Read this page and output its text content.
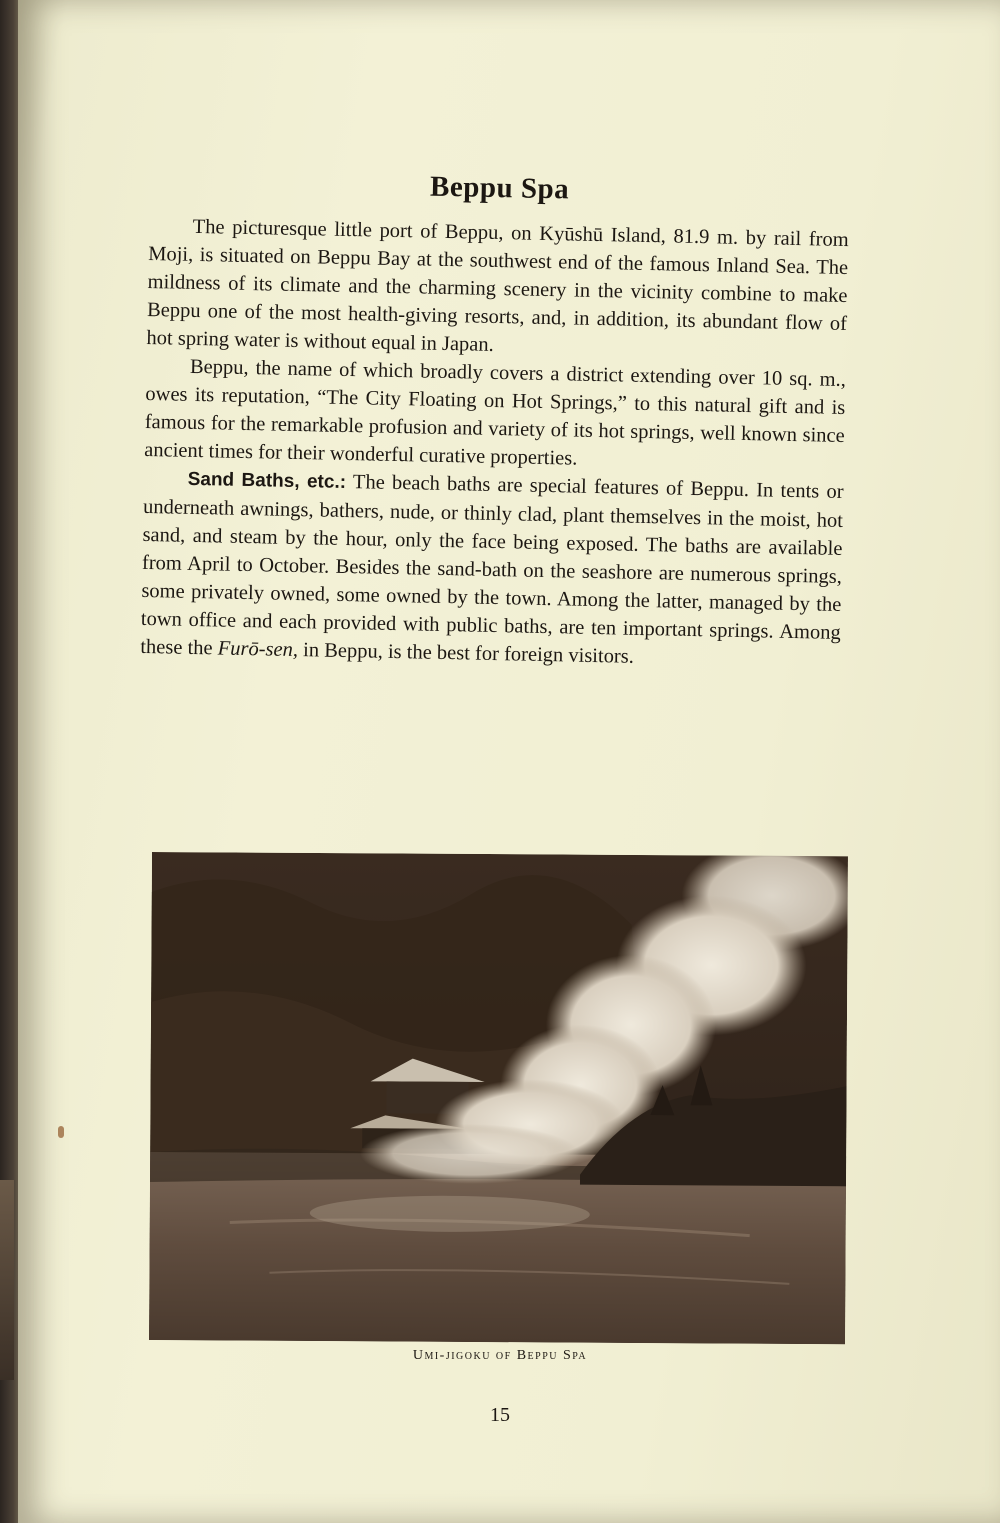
Beppu Spa

The picturesque little port of Beppu, on Kyūshū Island, 81.9 m. by rail from Moji, is situated on Beppu Bay at the southwest end of the famous Inland Sea. The mildness of its climate and the charming scenery in the vicinity combine to make Beppu one of the most health-giving resorts, and, in addition, its abundant flow of hot spring water is without equal in Japan.

Beppu, the name of which broadly covers a district extending over 10 sq. m., owes its reputation, “The City Floating on Hot Springs,” to this natural gift and is famous for the remarkable profusion and variety of its hot springs, well known since ancient times for their wonderful curative properties.

Sand Baths, etc.: The beach baths are special features of Beppu. In tents or underneath awnings, bathers, nude, or thinly clad, plant themselves in the moist, hot sand, and steam by the hour, only the face being exposed. The baths are available from April to October. Besides the sand-bath on the seashore are numerous springs, some privately owned, some owned by the town. Among the latter, managed by the town office and each provided with public baths, are ten important springs. Among these the Furō-sen, in Beppu, is the best for foreign visitors.

Umi-jigoku of Beppu Spa
15
